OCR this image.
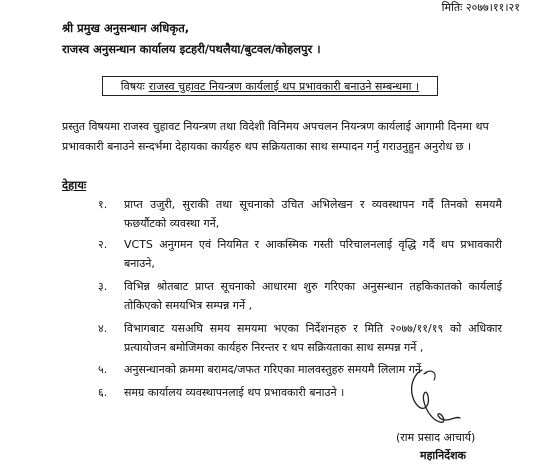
मितिः २०७७।११।२१
श्री प्रमुख अनुसन्धान अधिकृत,
राजस्व अनुसन्धान कार्यालय इटहरी/पथलैया/बुटवल/कोहलपुर ।
विषयः राजस्व चुहावट नियन्त्रण कार्यलाई थप प्रभावकारी बनाउने सम्बन्धमा ।
प्रस्तुत विषयमा राजस्व चुहावट नियन्त्रण तथा विदेशी विनिमय अपचलन नियन्त्रण कार्यलाई आगामी दिनमा थप प्रभावकारी बनाउने सन्दर्भमा देहायका कार्यहरु थप सक्रियताका साथ सम्पादन गर्नु गराउनुहुन अनुरोध छ ।
देहायः
१. प्राप्त उजुरी, सुराकी तथा सूचनाको उचित अभिलेखन र व्यवस्थापन गर्दै तिनको समयमै फछर्यौटको व्यवस्था गर्ने,
२. VCTS अनुगमन एवं नियमित र आकस्मिक गस्ती परिचालनलाई वृद्धि गर्दै थप प्रभावकारी बनाउने,
३. विभिन्न श्रोतबाट प्राप्त सूचनाको आधारमा शुरु गरिएका अनुसन्धान तहकिकातको कार्यलाई तोकिएको समयभित्र सम्पन्न गर्ने ,
४. विभागबाट यसअघि समय समयमा भएका निर्देशनहरु र मिति २०७७/११/१९ को अधिकार प्रत्यायोजन बमोजिमका कार्यहरु निरन्तर र थप सक्रियताका साथ सम्पन्न गर्ने ,
५. अनुसन्धानको क्रममा बरामद/जफत गरिएका मालवस्तुहरु समयमै लिलाम गर्ने ,
६. समग्र कार्यालय व्यवस्थापनलाई थप प्रभावकारी बनाउने ।
(राम प्रसाद आचार्य)
महानिर्देशक
